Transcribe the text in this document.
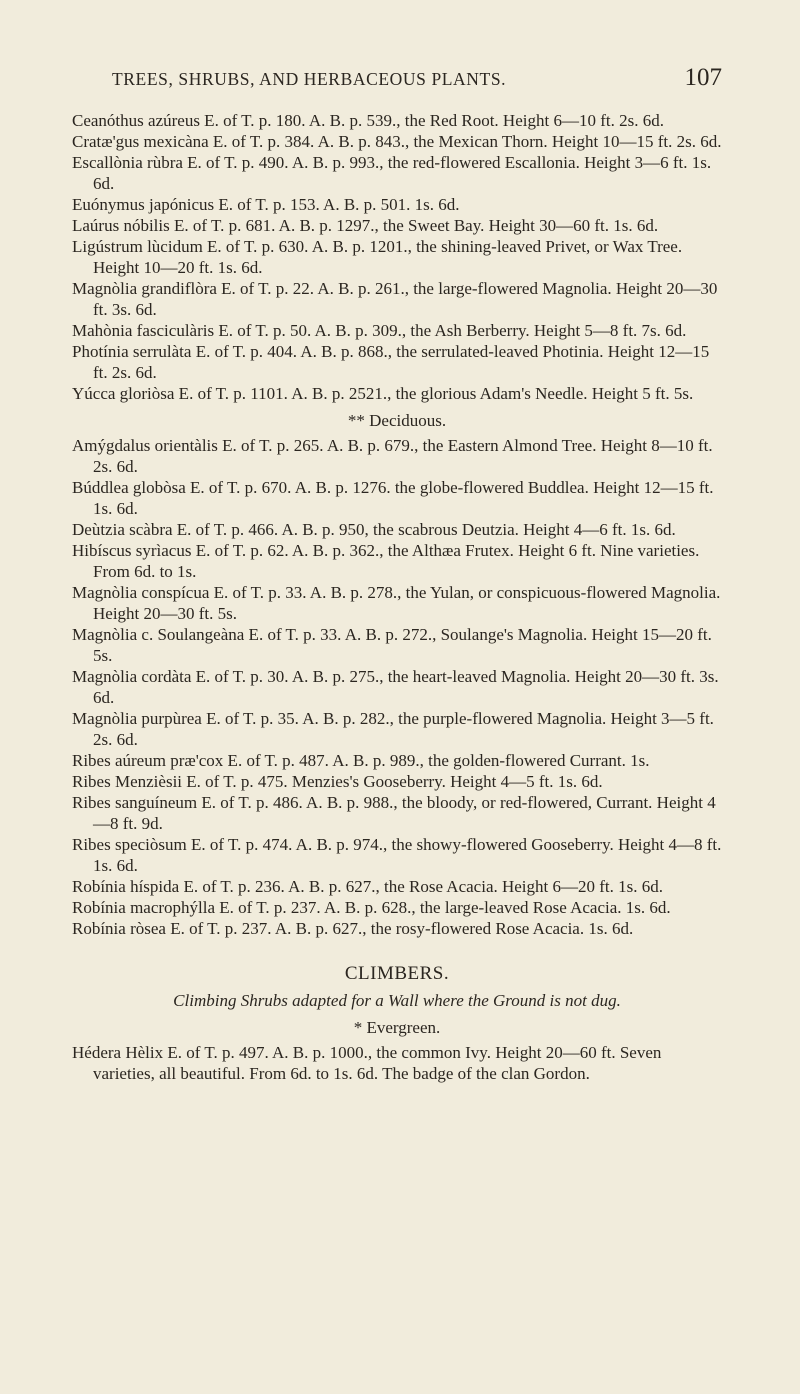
TREES, SHRUBS, AND HERBACEOUS PLANTS.	107

Ceanóthus azúreus E. of T. p. 180. A. B. p. 539., the Red Root. Height 6—10 ft. 2s. 6d.

Cratæ'gus mexicàna E. of T. p. 384. A. B. p. 843., the Mexican Thorn. Height 10—15 ft. 2s. 6d.

Escallònia rùbra E. of T. p. 490. A. B. p. 993., the red-flowered Escallonia. Height 3—6 ft. 1s. 6d.

Euónymus japónicus E. of T. p. 153. A. B. p. 501. 1s. 6d.

Laúrus nóbilis E. of T. p. 681. A. B. p. 1297., the Sweet Bay. Height 30—60 ft. 1s. 6d.

Ligústrum lùcidum E. of T. p. 630. A. B. p. 1201., the shining-leaved Privet, or Wax Tree. Height 10—20 ft. 1s. 6d.

Magnòlia grandiflòra E. of T. p. 22. A. B. p. 261., the large-flowered Magnolia. Height 20—30 ft. 3s. 6d.

Mahònia fasciculàris E. of T. p. 50. A. B. p. 309., the Ash Berberry. Height 5—8 ft. 7s. 6d.

Photínia serrulàta E. of T. p. 404. A. B. p. 868., the serrulated-leaved Photinia. Height 12—15 ft. 2s. 6d.

Yúcca gloriòsa E. of T. p. 1101. A. B. p. 2521., the glorious Adam's Needle. Height 5 ft. 5s.

** Deciduous.

Amýgdalus orientàlis E. of T. p. 265. A. B. p. 679., the Eastern Almond Tree. Height 8—10 ft. 2s. 6d.

Búddlea globòsa E. of T. p. 670. A. B. p. 1276. the globe-flowered Buddlea. Height 12—15 ft. 1s. 6d.

Deùtzia scàbra E. of T. p. 466. A. B. p. 950, the scabrous Deutzia. Height 4—6 ft. 1s. 6d.

Hibíscus syrìacus E. of T. p. 62. A. B. p. 362., the Althæa Frutex. Height 6 ft. Nine varieties. From 6d. to 1s.

Magnòlia conspícua E. of T. p. 33. A. B. p. 278., the Yulan, or conspicuous-flowered Magnolia. Height 20—30 ft. 5s.

Magnòlia c. Soulangeàna E. of T. p. 33. A. B. p. 272., Soulange's Magnolia. Height 15—20 ft. 5s.

Magnòlia cordàta E. of T. p. 30. A. B. p. 275., the heart-leaved Magnolia. Height 20—30 ft. 3s. 6d.

Magnòlia purpùrea E. of T. p. 35. A. B. p. 282., the purple-flowered Magnolia. Height 3—5 ft. 2s. 6d.

Ribes aúreum præ'cox E. of T. p. 487. A. B. p. 989., the golden-flowered Currant. 1s.

Ribes Menzièsii E. of T. p. 475. Menzies's Gooseberry. Height 4—5 ft. 1s. 6d.

Ribes sanguíneum E. of T. p. 486. A. B. p. 988., the bloody, or red-flowered, Currant. Height 4—8 ft. 9d.

Ribes speciòsum E. of T. p. 474. A. B. p. 974., the showy-flowered Gooseberry. Height 4—8 ft. 1s. 6d.

Robínia híspida E. of T. p. 236. A. B. p. 627., the Rose Acacia. Height 6—20 ft. 1s. 6d.

Robínia macrophýlla E. of T. p. 237. A. B. p. 628., the large-leaved Rose Acacia. 1s. 6d.

Robínia ròsea E. of T. p. 237. A. B. p. 627., the rosy-flowered Rose Acacia. 1s. 6d.

CLIMBERS.

Climbing Shrubs adapted for a Wall where the Ground is not dug.

* Evergreen.

Hédera Hèlix E. of T. p. 497. A. B. p. 1000., the common Ivy. Height 20—60 ft. Seven varieties, all beautiful. From 6d. to 1s. 6d. The badge of the clan Gordon.
